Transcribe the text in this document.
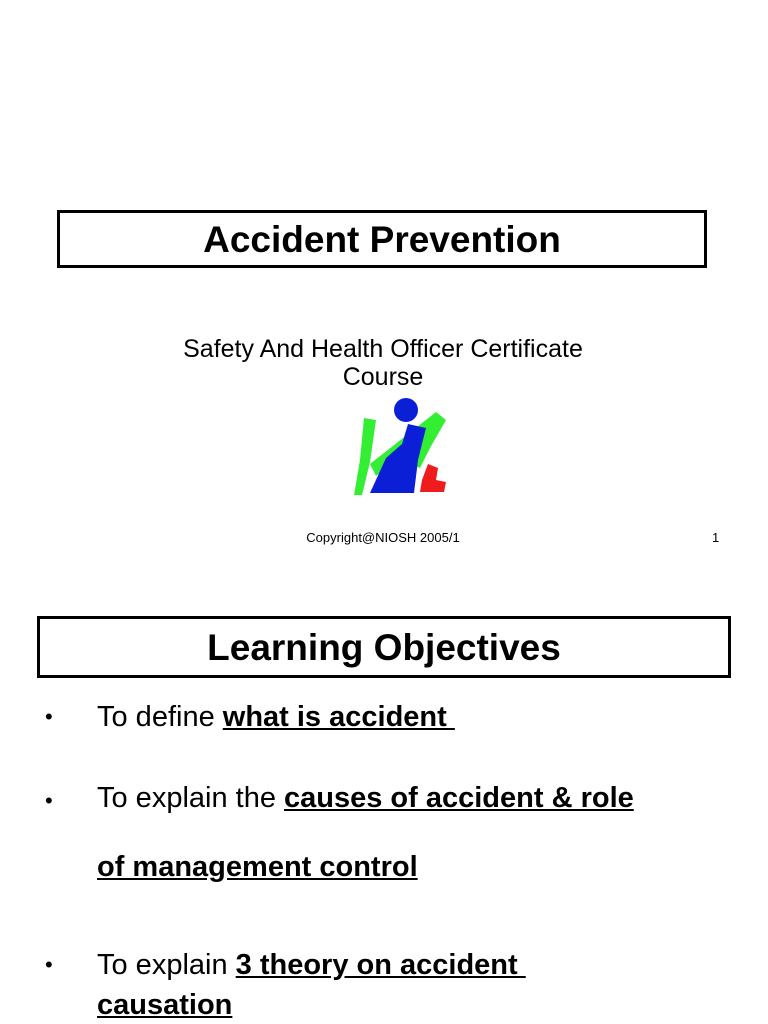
Accident Prevention
Safety And Health Officer Certificate
Course
Copyright@NIOSH 2005/1	1
Learning Objectives
• To define what is accident
• To explain the causes of accident & role
of management control
• To explain 3 theory on accident
causation
